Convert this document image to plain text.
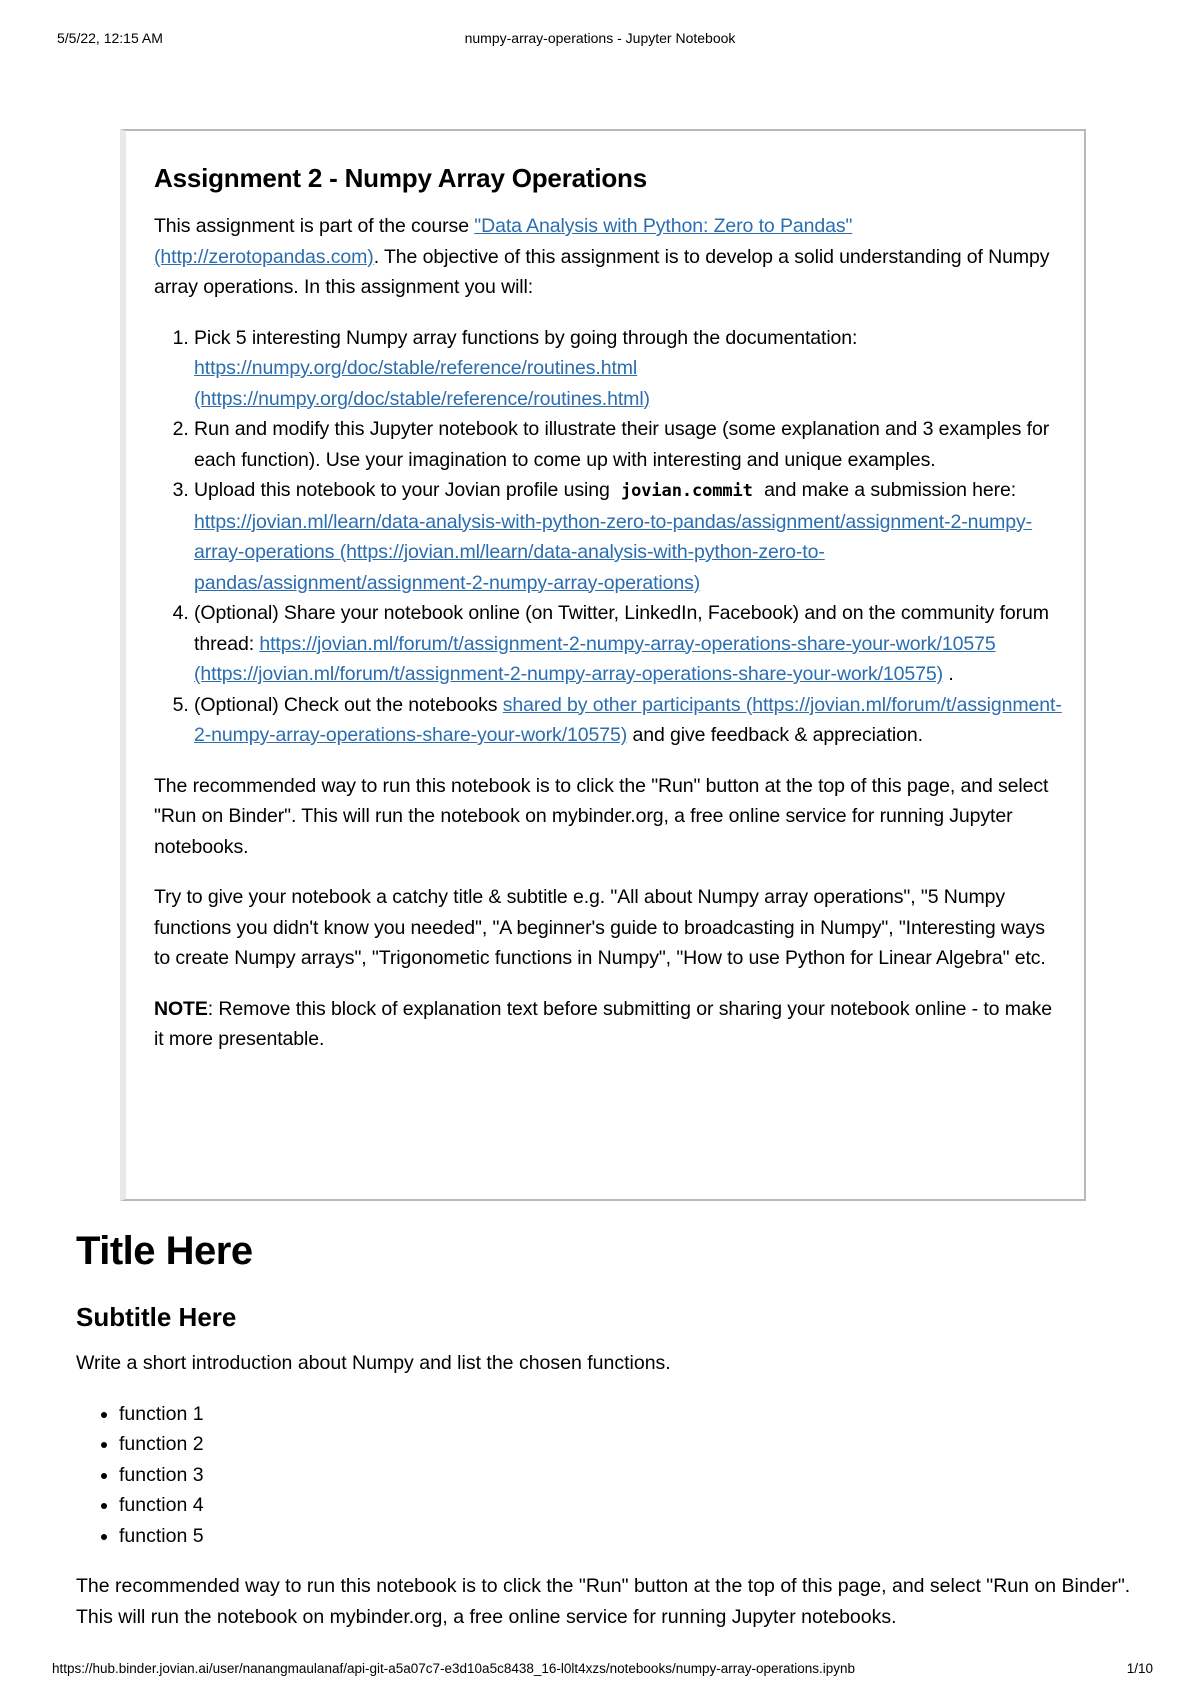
5/5/22, 12:15 AM	numpy-array-operations - Jupyter Notebook
Assignment 2 - Numpy Array Operations

This assignment is part of the course "Data Analysis with Python: Zero to Pandas" (http://zerotopandas.com). The objective of this assignment is to develop a solid understanding of Numpy array operations. In this assignment you will:

1. Pick 5 interesting Numpy array functions by going through the documentation: https://numpy.org/doc/stable/reference/routines.html (https://numpy.org/doc/stable/reference/routines.html)
2. Run and modify this Jupyter notebook to illustrate their usage (some explanation and 3 examples for each function). Use your imagination to come up with interesting and unique examples.
3. Upload this notebook to your Jovian profile using jovian.commit and make a submission here: https://jovian.ml/learn/data-analysis-with-python-zero-to-pandas/assignment/assignment-2-numpy-array-operations (https://jovian.ml/learn/data-analysis-with-python-zero-to-pandas/assignment/assignment-2-numpy-array-operations)
4. (Optional) Share your notebook online (on Twitter, LinkedIn, Facebook) and on the community forum thread: https://jovian.ml/forum/t/assignment-2-numpy-array-operations-share-your-work/10575 (https://jovian.ml/forum/t/assignment-2-numpy-array-operations-share-your-work/10575) .
5. (Optional) Check out the notebooks shared by other participants (https://jovian.ml/forum/t/assignment-2-numpy-array-operations-share-your-work/10575) and give feedback & appreciation.

The recommended way to run this notebook is to click the "Run" button at the top of this page, and select "Run on Binder". This will run the notebook on mybinder.org, a free online service for running Jupyter notebooks.

Try to give your notebook a catchy title & subtitle e.g. "All about Numpy array operations", "5 Numpy functions you didn't know you needed", "A beginner's guide to broadcasting in Numpy", "Interesting ways to create Numpy arrays", "Trigonometic functions in Numpy", "How to use Python for Linear Algebra" etc.

NOTE: Remove this block of explanation text before submitting or sharing your notebook online - to make it more presentable.

Title Here
Subtitle Here

Write a short introduction about Numpy and list the chosen functions.

• function 1
• function 2
• function 3
• function 4
• function 5

The recommended way to run this notebook is to click the "Run" button at the top of this page, and select "Run on Binder". This will run the notebook on mybinder.org, a free online service for running Jupyter notebooks.

https://hub.binder.jovian.ai/user/nanangmaulanaf/api-git-a5a07c7-e3d10a5c8438_16-l0lt4xzs/notebooks/numpy-array-operations.ipynb	1/10
